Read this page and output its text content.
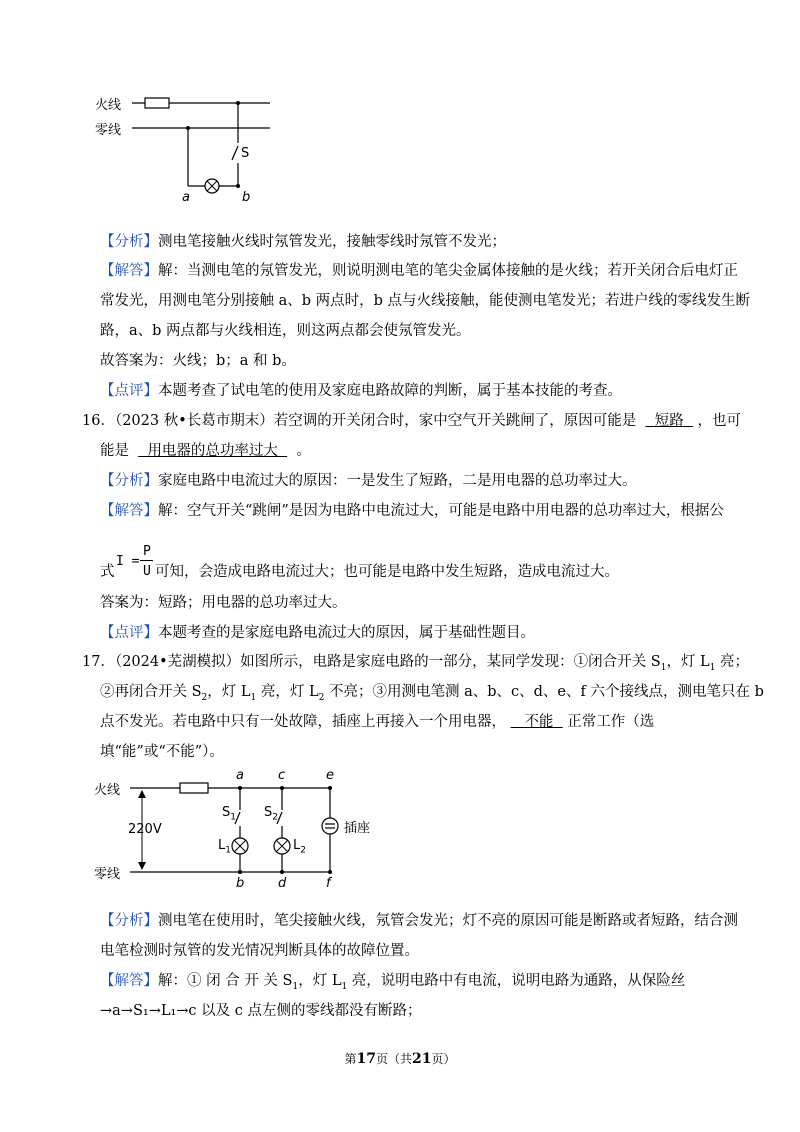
火线
零线
S
a	b
【分析】测电笔接触火线时氖管发光，接触零线时氖管不发光；
【解答】解：当测电笔的氖管发光，则说明测电笔的笔尖金属体接触的是火线；若开关闭合后电灯正
常发光，用测电笔分别接触 a、b 两点时，b 点与火线接触，能使测电笔发光；若进户线的零线发生断
路，a、b 两点都与火线相连，则这两点都会使氖管发光。
故答案为：火线；b；a 和 b。
【点评】本题考查了试电笔的使用及家庭电路故障的判断，属于基本技能的考查。
16．（2023 秋•长葛市期末）若空调的开关闭合时，家中空气开关跳闸了，原因可能是 短路 ，也可
能是 用电器的总功率过大 。
【分析】家庭电路中电流过大的原因：一是发生了短路，二是用电器的总功率过大。
【解答】解：空气开关“跳闸”是因为电路中电流过大，可能是电路中用电器的总功率过大，根据公
式
I =
P
U 可知，会造成电路电流过大；也可能是电路中发生短路，造成电流过大。
答案为：短路；用电器的总功率过大。
【点评】本题考查的是家庭电路电流过大的原因，属于基础性题目。
17．（2024•芜湖模拟）如图所示，电路是家庭电路的一部分，某同学发现：①闭合开关 $S_1$，灯 $L_1$ 亮；
②再闭合开关 $S_2$，灯 $L_1$ 亮，灯 $L_2$ 不亮；③用测电笔测 a、b、c、d、e、f 六个接线点，测电笔只在 b
点不发光。若电路中只有一处故障，插座上再接入一个用电器， 不能 正常工作（选
填“能”或“不能”）。
火线
零线
220V
a	c	e
b	d	f
$S_1$ $S_2$
$L_1$	$L_2$
插座
【分析】测电笔在使用时，笔尖接触火线，氖管会发光；灯不亮的原因可能是断路或者短路，结合测
电笔检测时氖管的发光情况判断具体的故障位置。
【解答】解：① 闭 合 开 关 $S_1$，灯 $L_1$ 亮，说明电路中有电流，说明电路为通路，从保险丝
→a→S₁→L₁→c 以及 c 点左侧的零线都没有断路；
第17页（共21页）
